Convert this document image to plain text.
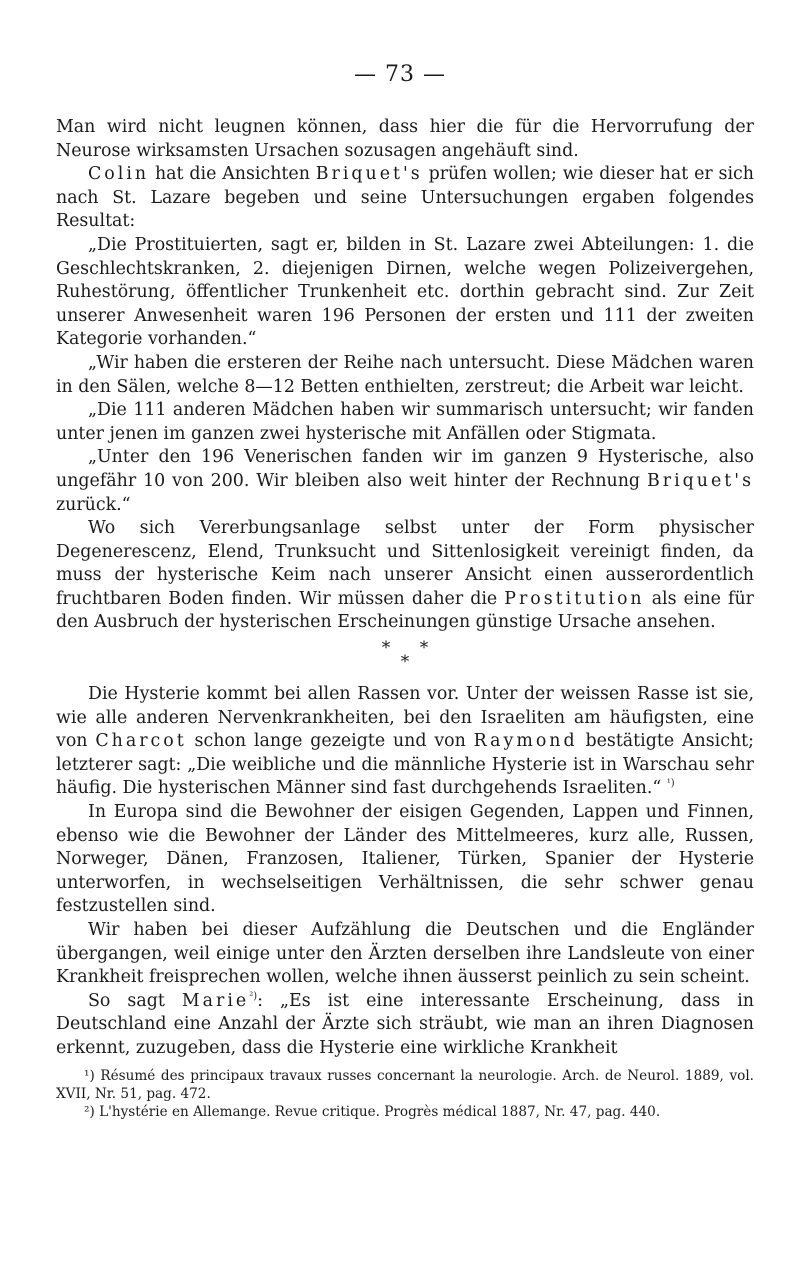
— 73 —

Man wird nicht leugnen können, dass hier die für die Hervorrufung der Neurose wirksamsten Ursachen sozusagen angehäuft sind.

Colin hat die Ansichten Briquet's prüfen wollen; wie dieser hat er sich nach St. Lazare begeben und seine Untersuchungen ergaben folgendes Resultat:

„Die Prostituierten, sagt er, bilden in St. Lazare zwei Abteilungen: 1. die Geschlechtskranken, 2. diejenigen Dirnen, welche wegen Polizeivergehen, Ruhestörung, öffentlicher Trunkenheit etc. dorthin gebracht sind. Zur Zeit unserer Anwesenheit waren 196 Personen der ersten und 111 der zweiten Kategorie vorhanden.“

„Wir haben die ersteren der Reihe nach untersucht. Diese Mädchen waren in den Sälen, welche 8—12 Betten enthielten, zerstreut; die Arbeit war leicht.

„Die 111 anderen Mädchen haben wir summarisch untersucht; wir fanden unter jenen im ganzen zwei hysterische mit Anfällen oder Stigmata.

„Unter den 196 Venerischen fanden wir im ganzen 9 Hysterische, also ungefähr 10 von 200. Wir bleiben also weit hinter der Rechnung Briquet's zurück.“

Wo sich Vererbungsanlage selbst unter der Form physischer Degenerescenz, Elend, Trunksucht und Sittenlosigkeit vereinigt finden, da muss der hysterische Keim nach unserer Ansicht einen ausserordentlich fruchtbaren Boden finden. Wir müssen daher die Prostitution als eine für den Ausbruch der hysterischen Erscheinungen günstige Ursache ansehen.

* *
*

Die Hysterie kommt bei allen Rassen vor. Unter der weissen Rasse ist sie, wie alle anderen Nervenkrankheiten, bei den Israeliten am häufigsten, eine von Charcot schon lange gezeigte und von Raymond bestätigte Ansicht; letzterer sagt: „Die weibliche und die männliche Hysterie ist in Warschau sehr häufig. Die hysterischen Männer sind fast durchgehends Israeliten.“ $^{^1)}$

In Europa sind die Bewohner der eisigen Gegenden, Lappen und Finnen, ebenso wie die Bewohner der Länder des Mittelmeeres, kurz alle, Russen, Norweger, Dänen, Franzosen, Italiener, Türken, Spanier der Hysterie unterworfen, in wechselseitigen Verhältnissen, die sehr schwer genau festzustellen sind.

Wir haben bei dieser Aufzählung die Deutschen und die Engländer übergangen, weil einige unter den Ärzten derselben ihre Landsleute von einer Krankheit freisprechen wollen, welche ihnen äusserst peinlich zu sein scheint.

So sagt Marie$^{^2)}$: „Es ist eine interessante Erscheinung, dass in Deutschland eine Anzahl der Ärzte sich sträubt, wie man an ihren Diagnosen erkennt, zuzugeben, dass die Hysterie eine wirkliche Krankheit

¹) Résumé des principaux travaux russes concernant la neurologie. Arch. de Neurol. 1889, vol. XVII, Nr. 51, pag. 472.

²) L'hystérie en Allemange. Revue critique. Progrès médical 1887, Nr. 47, pag. 440.
